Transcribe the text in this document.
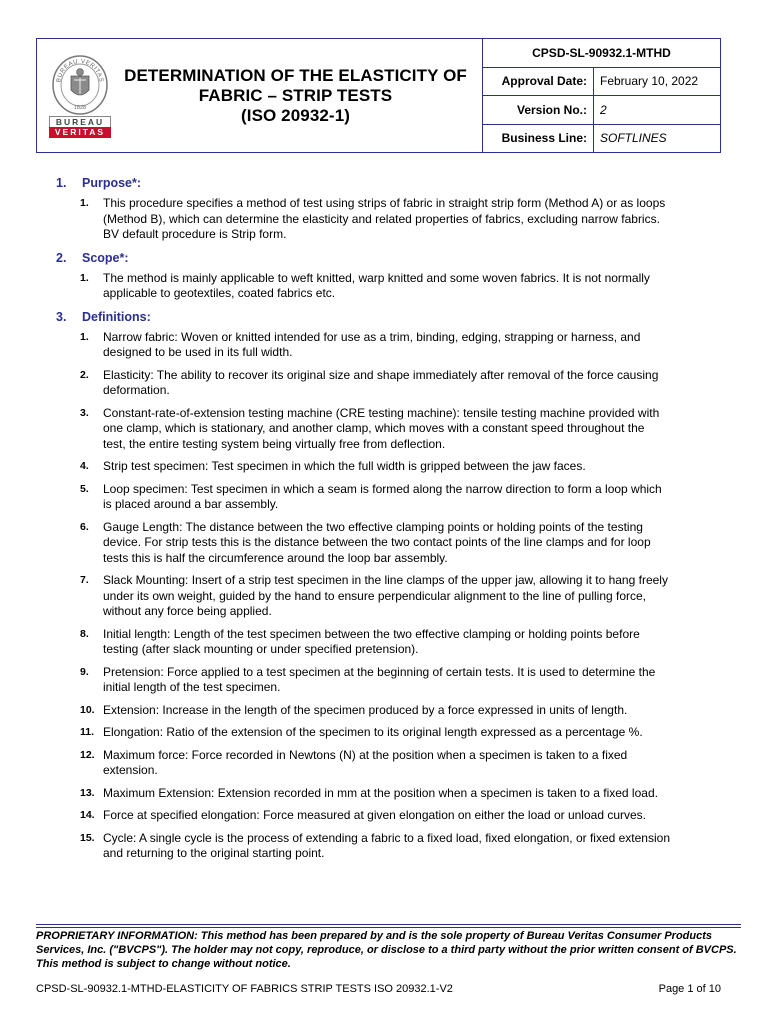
BUREAU VERITAS
1828
BUREAU
VERITAS
DETERMINATION OF THE ELASTICITY OF
FABRIC – STRIP TESTS
(ISO 20932-1)
CPSD-SL-90932.1-MTHD
Approval Date:	February 10, 2022
Version No.:	2
Business Line:	SOFTLINES
1.	Purpose*:
1.	This procedure specifies a method of test using strips of fabric in straight strip form (Method A) or as loops (Method B), which can determine the elasticity and related properties of fabrics, excluding narrow fabrics. BV default procedure is Strip form.
2.	Scope*:
1.	The method is mainly applicable to weft knitted, warp knitted and some woven fabrics. It is not normally applicable to geotextiles, coated fabrics etc.
3.	Definitions:
1.	Narrow fabric: Woven or knitted intended for use as a trim, binding, edging, strapping or harness, and designed to be used in its full width.
2.	Elasticity: The ability to recover its original size and shape immediately after removal of the force causing deformation.
3.	Constant-rate-of-extension testing machine (CRE testing machine): tensile testing machine provided with one clamp, which is stationary, and another clamp, which moves with a constant speed throughout the test, the entire testing system being virtually free from deflection.
4.	Strip test specimen: Test specimen in which the full width is gripped between the jaw faces.
5.	Loop specimen: Test specimen in which a seam is formed along the narrow direction to form a loop which is placed around a bar assembly.
6.	Gauge Length: The distance between the two effective clamping points or holding points of the testing device. For strip tests this is the distance between the two contact points of the line clamps and for loop tests this is half the circumference around the loop bar assembly.
7.	Slack Mounting: Insert of a strip test specimen in the line clamps of the upper jaw, allowing it to hang freely under its own weight, guided by the hand to ensure perpendicular alignment to the line of pulling force, without any force being applied.
8.	Initial length: Length of the test specimen between the two effective clamping or holding points before testing (after slack mounting or under specified pretension).
9.	Pretension: Force applied to a test specimen at the beginning of certain tests. It is used to determine the initial length of the test specimen.
10. Extension: Increase in the length of the specimen produced by a force expressed in units of length.
11. Elongation: Ratio of the extension of the specimen to its original length expressed as a percentage %.
12. Maximum force: Force recorded in Newtons (N) at the position when a specimen is taken to a fixed extension.
13. Maximum Extension: Extension recorded in mm at the position when a specimen is taken to a fixed load.
14. Force at specified elongation: Force measured at given elongation on either the load or unload curves.
15. Cycle: A single cycle is the process of extending a fabric to a fixed load, fixed elongation, or fixed extension and returning to the original starting point.
PROPRIETARY INFORMATION: This method has been prepared by and is the sole property of Bureau Veritas Consumer Products Services, Inc. ("BVCPS"). The holder may not copy, reproduce, or disclose to a third party without the prior written consent of BVCPS. This method is subject to change without notice.
CPSD-SL-90932.1-MTHD-ELASTICITY OF FABRICS STRIP TESTS ISO 20932.1-V2	Page 1 of 10
